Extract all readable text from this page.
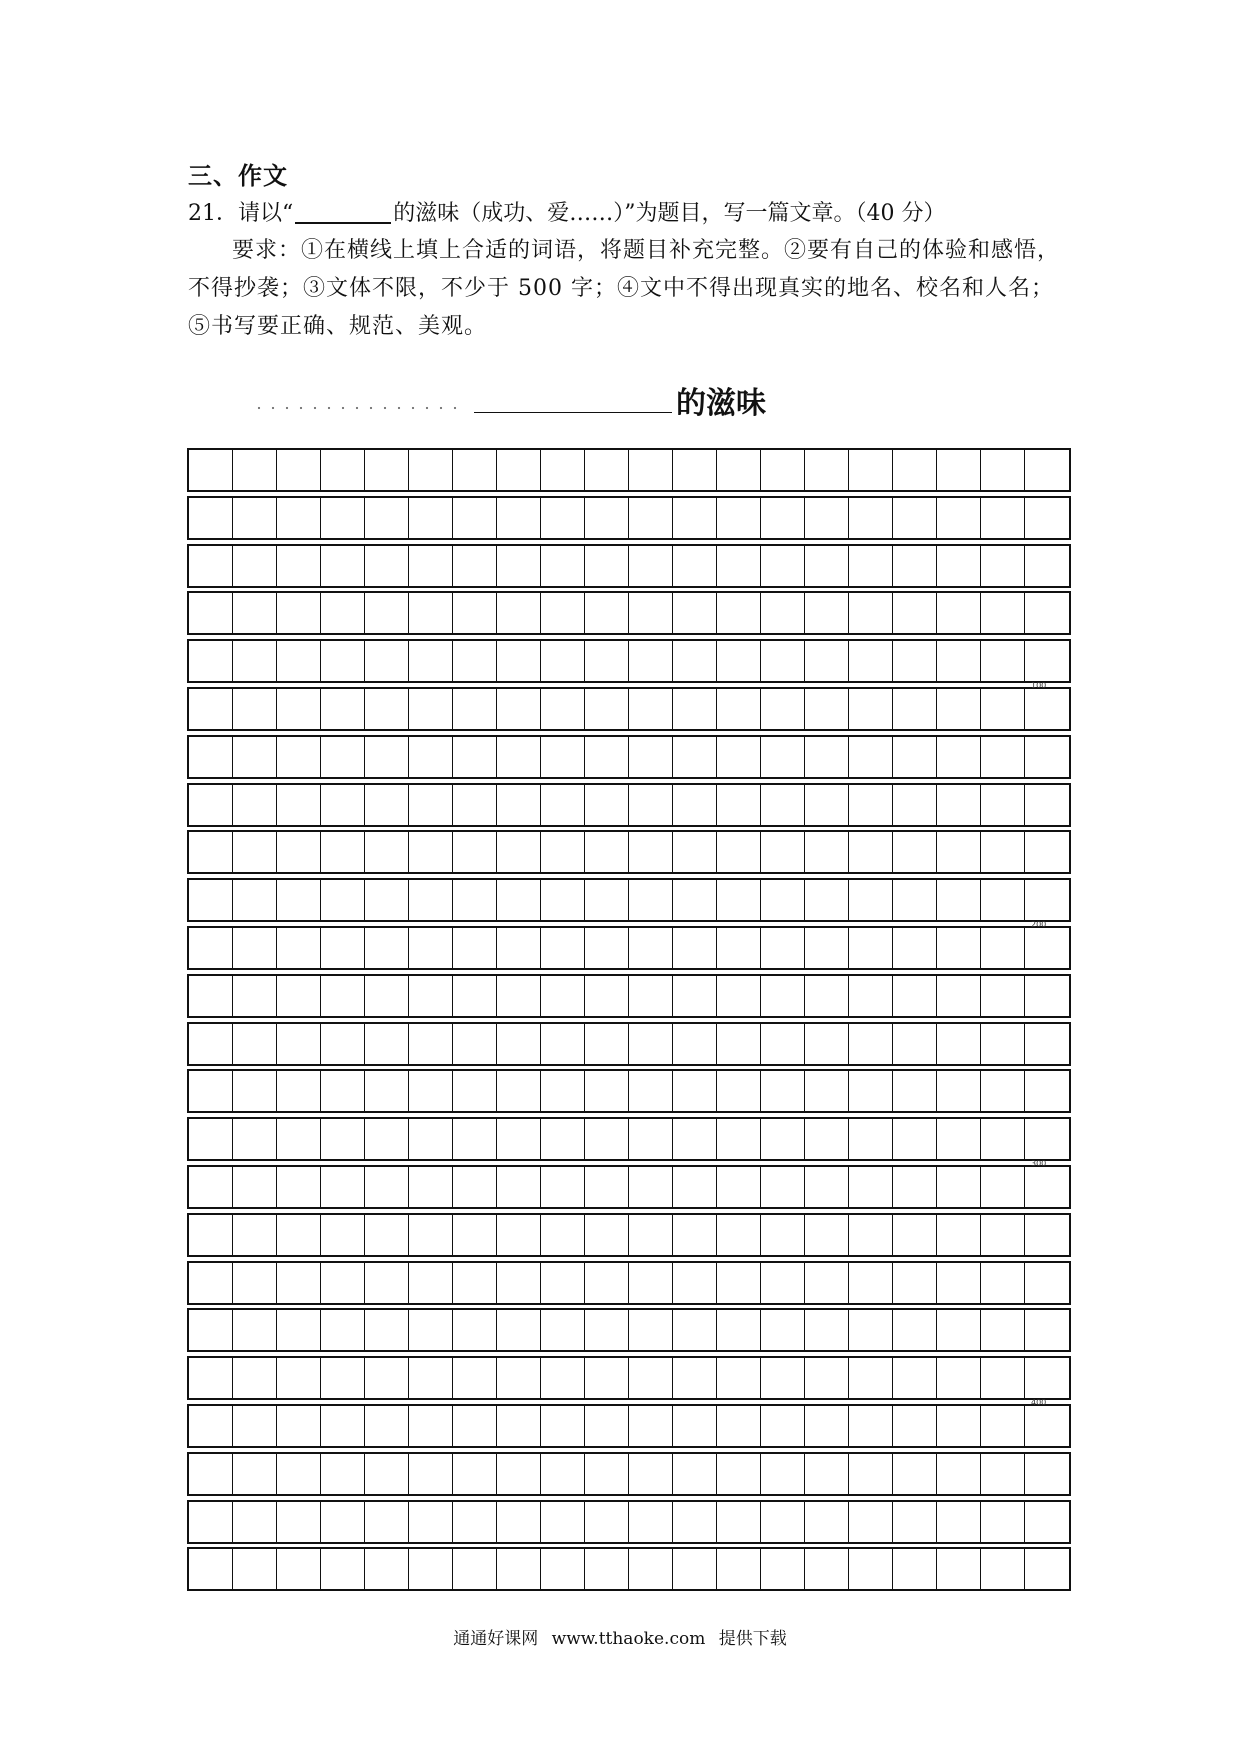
三、作文
21．请以“	的滋味（成功、爱……）”为题目，写一篇文章。（40 分）
要求：①在横线上填上合适的词语，将题目补充完整。②要有自己的体验和感悟，不得抄袭；③文体不限，不少于 500 字；④文中不得出现真实的地名、校名和人名；⑤书写要正确、规范、美观。
的滋味
100
200
300
400
通通好课网 www.tthaoke.com 提供下载
